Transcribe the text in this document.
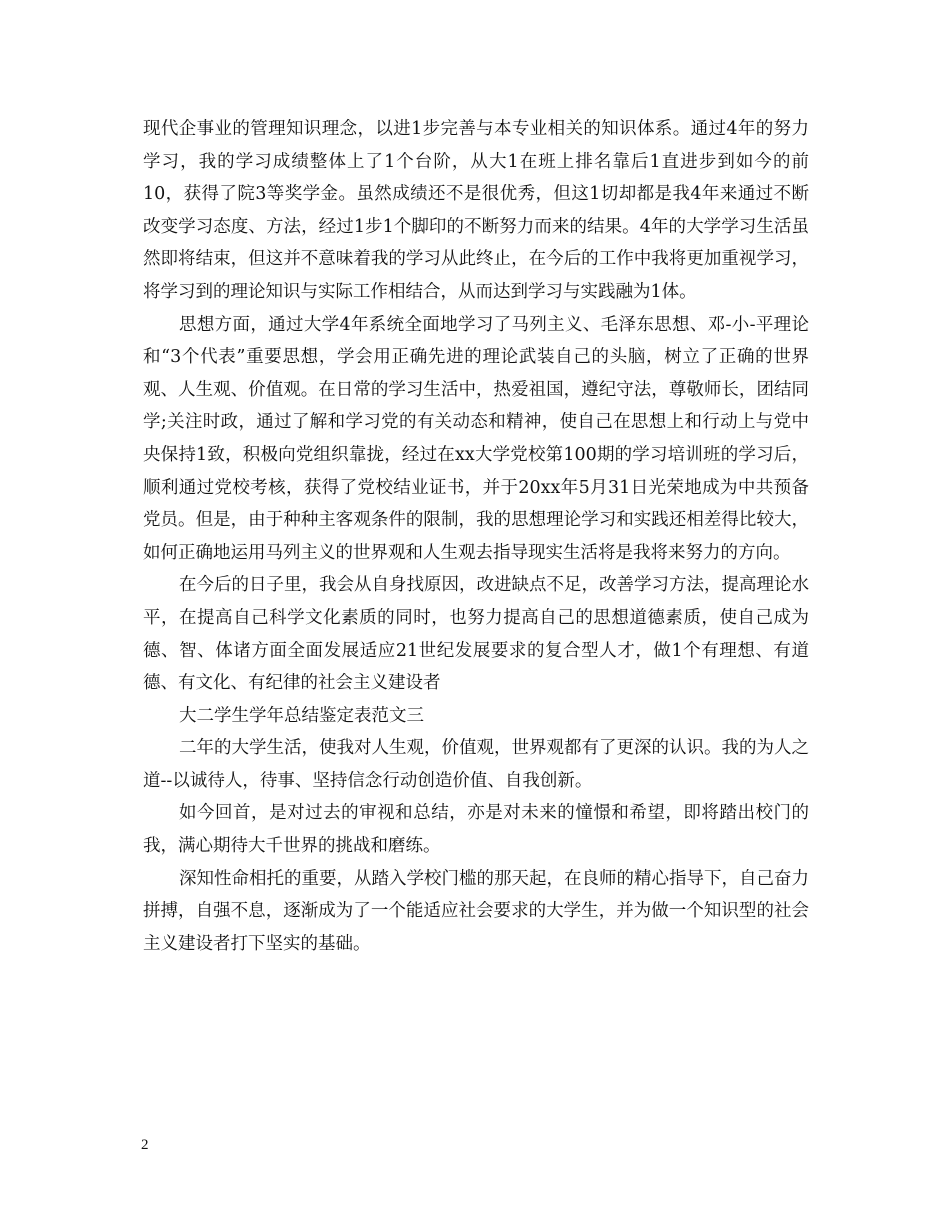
现代企事业的管理知识理念，以进1步完善与本专业相关的知识体系。通过4年的努力学习，我的学习成绩整体上了1个台阶，从大1在班上排名靠后1直进步到如今的前10，获得了院3等奖学金。虽然成绩还不是很优秀，但这1切却都是我4年来通过不断改变学习态度、方法，经过1步1个脚印的不断努力而来的结果。4年的大学学习生活虽然即将结束，但这并不意味着我的学习从此终止，在今后的工作中我将更加重视学习，将学习到的理论知识与实际工作相结合，从而达到学习与实践融为1体。

思想方面，通过大学4年系统全面地学习了马列主义、毛泽东思想、邓-小-平理论和“3个代表”重要思想，学会用正确先进的理论武装自己的头脑，树立了正确的世界观、人生观、价值观。在日常的学习生活中，热爱祖国，遵纪守法，尊敬师长，团结同学;关注时政，通过了解和学习党的有关动态和精神，使自己在思想上和行动上与党中央保持1致，积极向党组织靠拢，经过在xx大学党校第100期的学习培训班的学习后，顺利通过党校考核，获得了党校结业证书，并于20xx年5月31日光荣地成为中共预备党员。但是，由于种种主客观条件的限制，我的思想理论学习和实践还相差得比较大，如何正确地运用马列主义的世界观和人生观去指导现实生活将是我将来努力的方向。

在今后的日子里，我会从自身找原因，改进缺点不足，改善学习方法，提高理论水平，在提高自己科学文化素质的同时，也努力提高自己的思想道德素质，使自己成为德、智、体诸方面全面发展适应21世纪发展要求的复合型人才，做1个有理想、有道德、有文化、有纪律的社会主义建设者

大二学生学年总结鉴定表范文三

二年的大学生活，使我对人生观，价值观，世界观都有了更深的认识。我的为人之道--以诚待人，待事、坚持信念行动创造价值、自我创新。

如今回首，是对过去的审视和总结，亦是对未来的憧憬和希望，即将踏出校门的我，满心期待大千世界的挑战和磨练。

深知性命相托的重要，从踏入学校门槛的那天起，在良师的精心指导下，自己奋力拼搏，自强不息，逐渐成为了一个能适应社会要求的大学生，并为做一个知识型的社会主义建设者打下坚实的基础。

2
